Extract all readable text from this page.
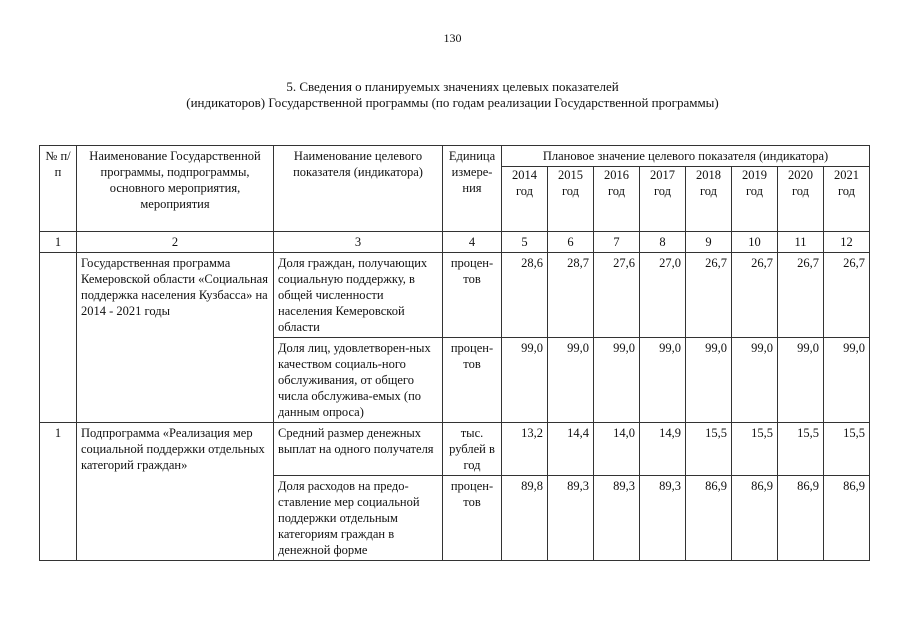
130
5. Сведения о планируемых значениях целевых показателей
(индикаторов) Государственной программы (по годам реализации Государственной программы)
№ п/п	Наименование Государственной программы, подпрограммы, основного мероприятия, мероприятия	Наименование целевого показателя (индикатора)	Единица измере-ния	Плановое значение целевого показателя (индикатора)							
				2014 год	2015 год	2016 год	2017 год	2018 год	2019 год	2020 год	2021 год
1	2	3	4	5	6	7	8	9	10	11	12
	Государственная программа Кемеровской области «Социальная поддержка населения Кузбасса» на 2014 - 2021 годы	Доля граждан, получающих социальную поддержку, в общей численности населения Кемеровской области	процен-тов	28,6	28,7	27,6	27,0	26,7	26,7	26,7	26,7
		Доля лиц, удовлетворен-ных качеством социаль-ного обслуживания, от общего числа обслужива-емых (по данным опроса)	процен-тов	99,0	99,0	99,0	99,0	99,0	99,0	99,0	99,0
1	Подпрограмма «Реализация мер социальной поддержки отдельных категорий граждан»	Средний размер денежных выплат на одного получателя	тыс. рублей в год	13,2	14,4	14,0	14,9	15,5	15,5	15,5	15,5
		Доля расходов на предо-ставление мер социальной поддержки отдельным категориям граждан в денежной форме	процен-тов	89,8	89,3	89,3	89,3	86,9	86,9	86,9	86,9
